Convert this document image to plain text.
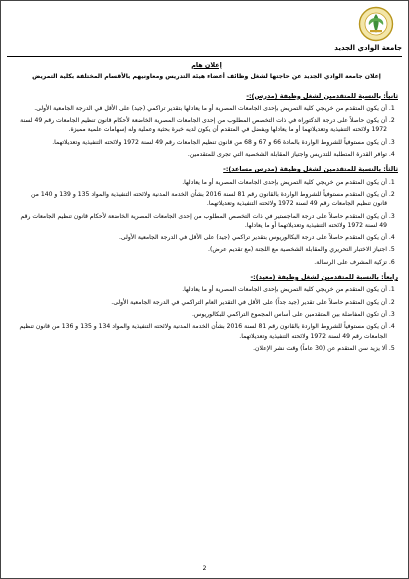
جامعة الوادي الجديد
إعلان هام
إعلان جامعة الوادي الجديد عن حاجتها لشغل وظائف أعضاء هيئة التدريس ومعاونيهم بالأقسام المختلفة بكلية التمريض
ثانياً: بالنسبة للمتقدمين لشغل وظيفة (مدرس):-
1. أن يكون المتقدم من خريجي كلية التمريض بإحدى الجامعات المصرية أو ما يعادلها بتقدير تراكمي (جيد) على الأقل في الدرجة الجامعية الأولى.
2. أن يكون حاصلاً على درجة الدكتوراه في ذات التخصص المطلوب من إحدى الجامعات المصرية الخاضعة لأحكام قانون تنظيم الجامعات رقم 49 لسنة 1972 ولائحته التنفيذية وتعديلاتهما أو ما يعادلها ويفضل في المتقدم أن يكون لديه خبرة بحثية وعملية وله إسهامات علمية مميزة.
3. أن يكون مستوفياً للشروط الواردة بالمادة 66 و 67 و 68 من قانون تنظيم الجامعات رقم 49 لسنة 1972 ولائحته التنفيذية وتعديلاتهما.
4. توافر القدرة المتطلبة للتدريس واجتياز المقابلة الشخصية التي تجرى للمتقدمين.
ثالثاً: بالنسبة للمتقدمين لشغل وظيفة (مدرس مساعد):-
1. أن يكون المتقدم من خريجي كلية التمريض بإحدى الجامعات المصرية أو ما يعادلها.
2. أن يكون المتقدم مستوفياً للشروط الواردة بالقانون رقم 81 لسنة 2016 بشأن الخدمة المدنية ولائحته التنفيذية والمواد 135 و 139 و 140 من قانون تنظيم الجامعات رقم 49 لسنة 1972 ولائحته التنفيذية وتعديلاتهما.
3. أن يكون المتقدم حاصلاً على درجة الماجستير في ذات التخصص المطلوب من إحدى الجامعات المصرية الخاضعة لأحكام قانون تنظيم الجامعات رقم 49 لسنة 1972 ولائحته التنفيذية وتعديلاتهما أو ما يعادلها.
4. أن يكون المتقدم حاصلاً على درجة البكالوريوس بتقدير تراكمي (جيد) على الأقل في الدرجة الجامعية الأولى.
5. اجتياز الاختبار التحريري والمقابلة الشخصية مع اللجنة (مع تقديم عرض).
6. تزكية المشرف على الرسالة.
رابعاً: بالنسبة للمتقدمين لشغل وظيفة (معيد):-
1. أن يكون المتقدم من خريجي كلية التمريض بإحدى الجامعات المصرية أو ما يعادلها.
2. أن يكون المتقدم حاصلاً على تقدير (جيد جداً) على الأقل في التقدير العام التراكمي في الدرجة الجامعية الأولى.
3. أن تكون المفاضلة بين المتقدمين على أساس المجموع التراكمي للبكالوريوس.
4. أن يكون مستوفياً للشروط الواردة بالقانون رقم 81 لسنة 2016 بشأن الخدمة المدنية ولائحته التنفيذية والمواد 134 و 135 و 136 من قانون تنظيم الجامعات رقم 49 لسنة 1972 ولائحته التنفيذية وتعديلاتهما.
5. ألا يزيد سن المتقدم عن (30 عاماً) وقت نشر الإعلان.
2
